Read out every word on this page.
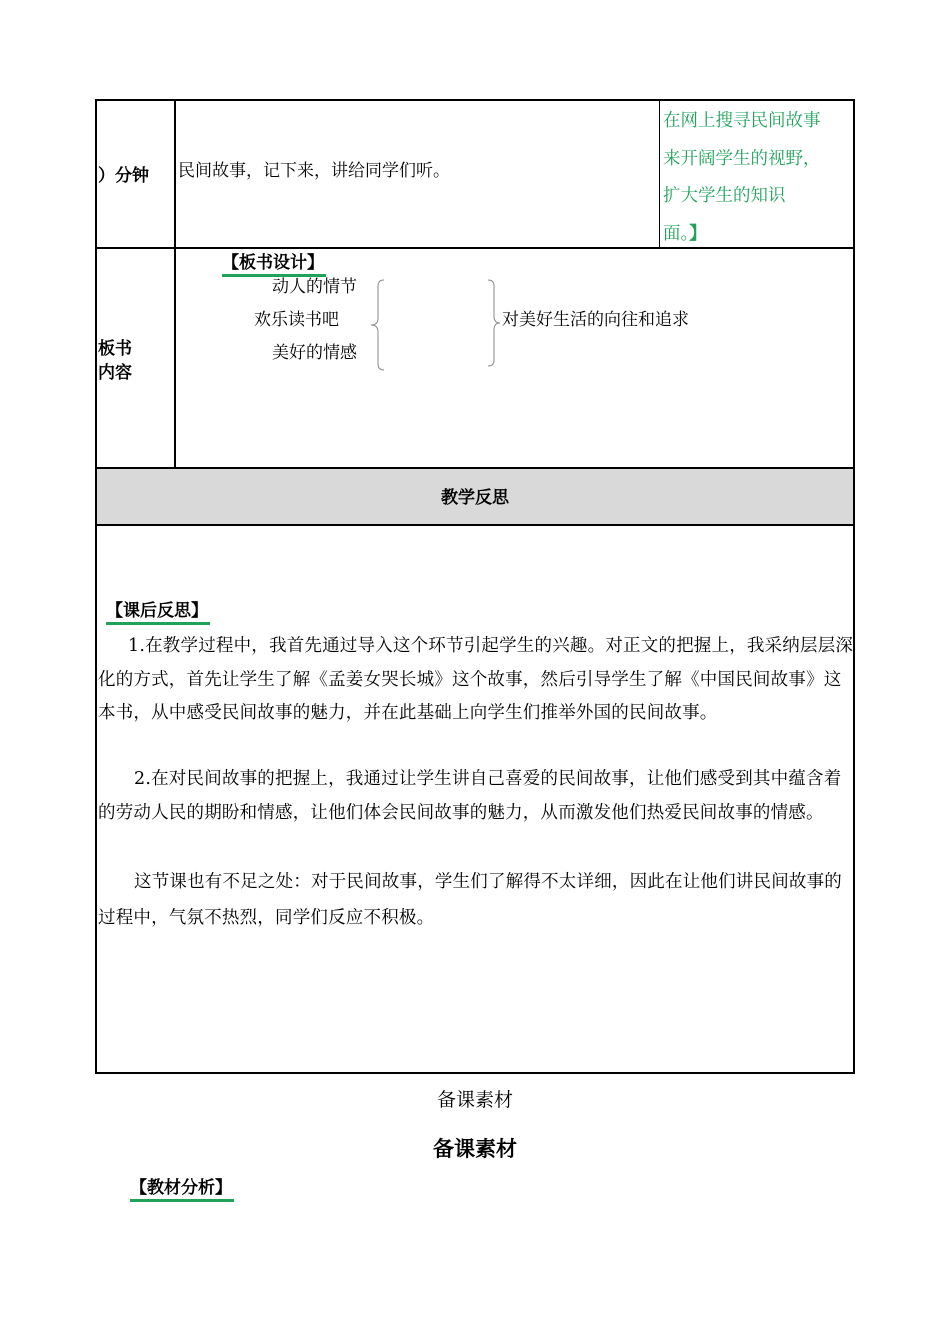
）分钟 民间故事，记下来，讲给同学们听。
在网上搜寻民间故事
来开阔学生的视野，
扩大学生的知识
面。】
板书
内容
【板书设计】
动人的情节
欢乐读书吧
美好的情感
对美好生活的向往和追求
教学反思
【课后反思】
1.在教学过程中，我首先通过导入这个环节引起学生的兴趣。对正文的把握上，我采纳层层深化的方式，首先让学生了解《孟姜女哭长城》这个故事，然后引导学生了解《中国民间故事》这本书，从中感受民间故事的魅力，并在此基础上向学生们推举外国的民间故事。
2.在对民间故事的把握上，我通过让学生讲自己喜爱的民间故事，让他们感受到其中蕴含着的劳动人民的期盼和情感，让他们体会民间故事的魅力，从而激发他们热爱民间故事的情感。
这节课也有不足之处：对于民间故事，学生们了解得不太详细，因此在让他们讲民间故事的过程中，气氛不热烈，同学们反应不积极。
备课素材
备课素材
【教材分析】
